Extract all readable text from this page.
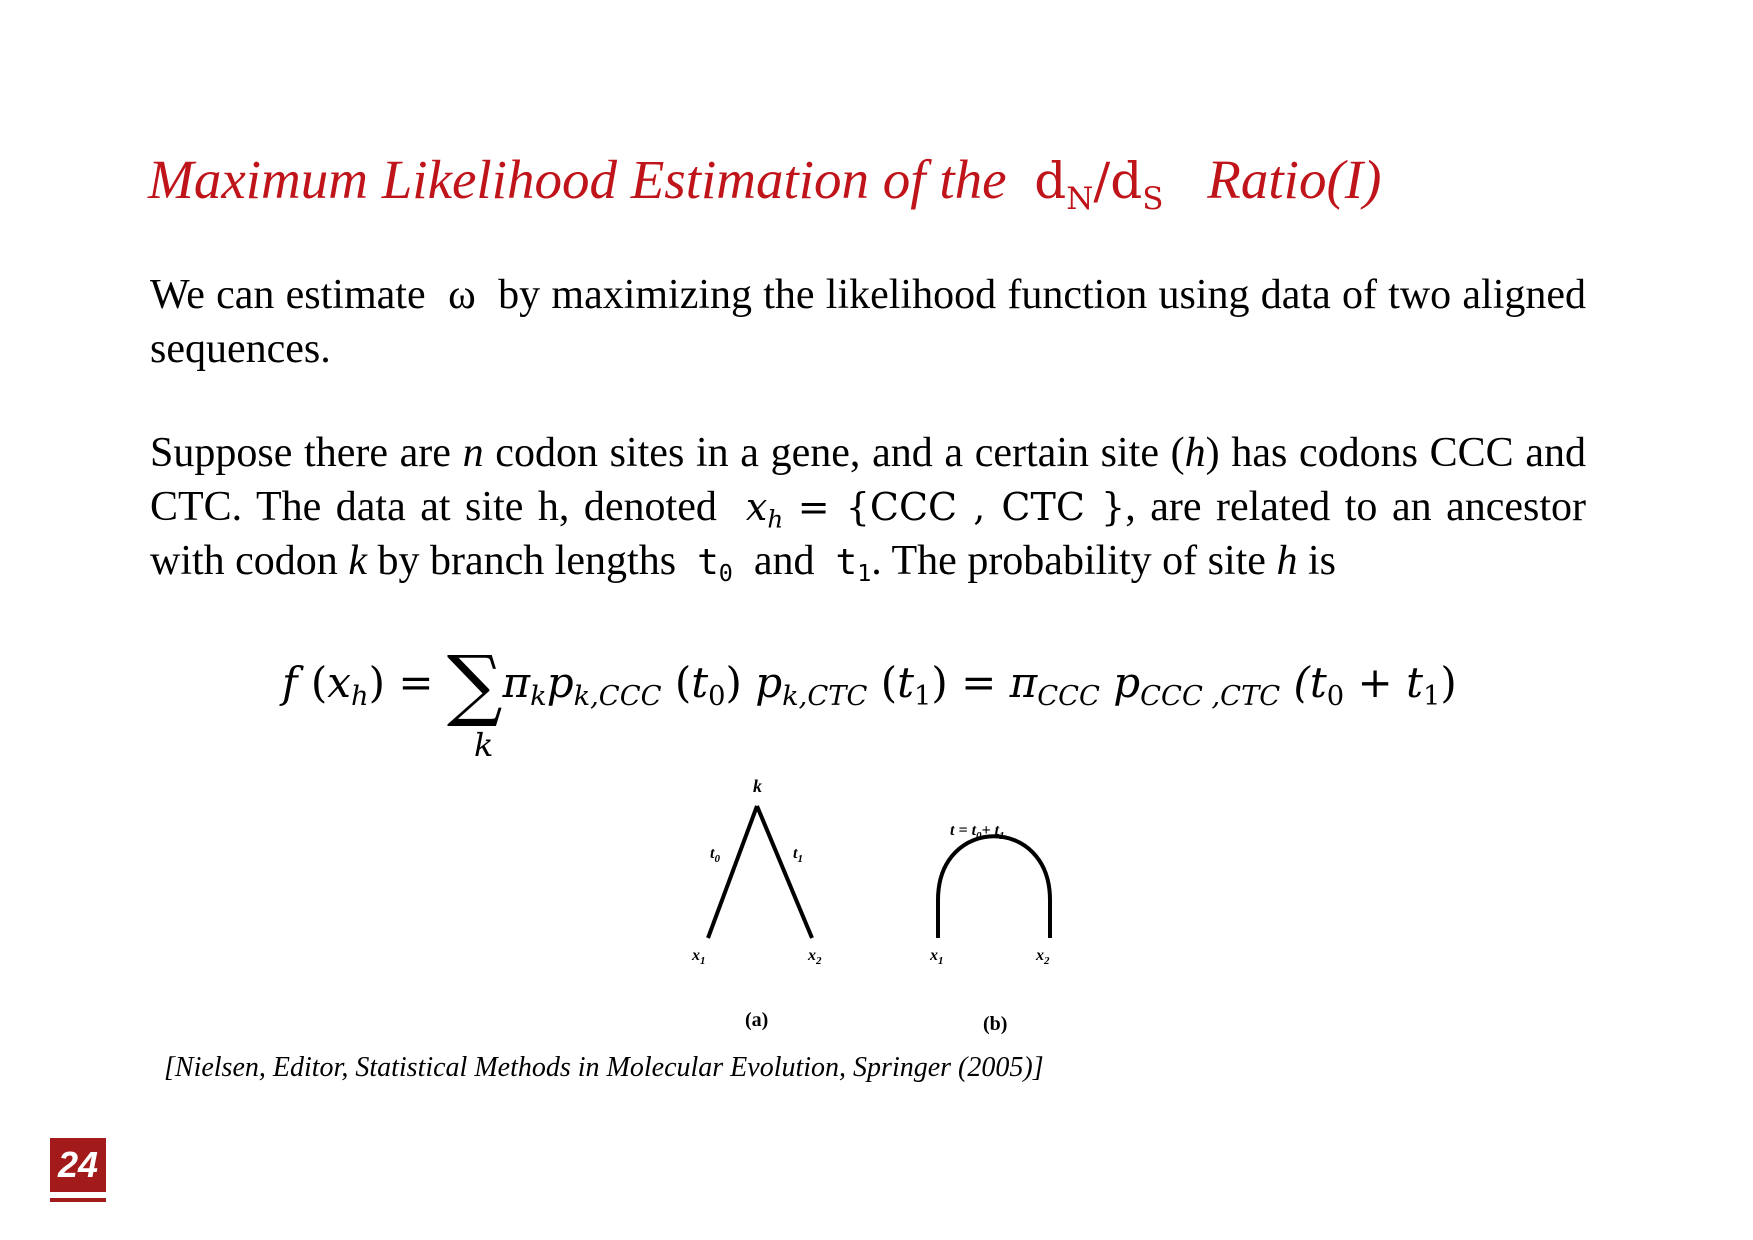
Maximum Likelihood Estimation of the $d_N/d_S$ Ratio(I)
We can estimate ω by maximizing the likelihood function using data of two aligned sequences.
Suppose there are n codon sites in a gene, and a certain site (h) has codons CCC and CTC. The data at site h, denoted $x_h = \{CCC$ , CTC }, are related to an ancestor with codon k by branch lengths $t_0$ and $t_1$. The probability of site h is
f $(x_h) = \sum\pi_kp_{k,CCC}$ $(t_0)$ $p_{k,CTC}$ $(t_1) = \pi_{CCC}$ $p_{CCC ,CTC}$ $(t_0 + t_1)$
k
k
$t_0$	$t_1$
$x_1$	$x_2$
(a)
$t = t_0+ t_1$
$x_1$	$x_2$
(b)
[Nielsen, Editor, Statistical Methods in Molecular Evolution, Springer (2005)]
24
